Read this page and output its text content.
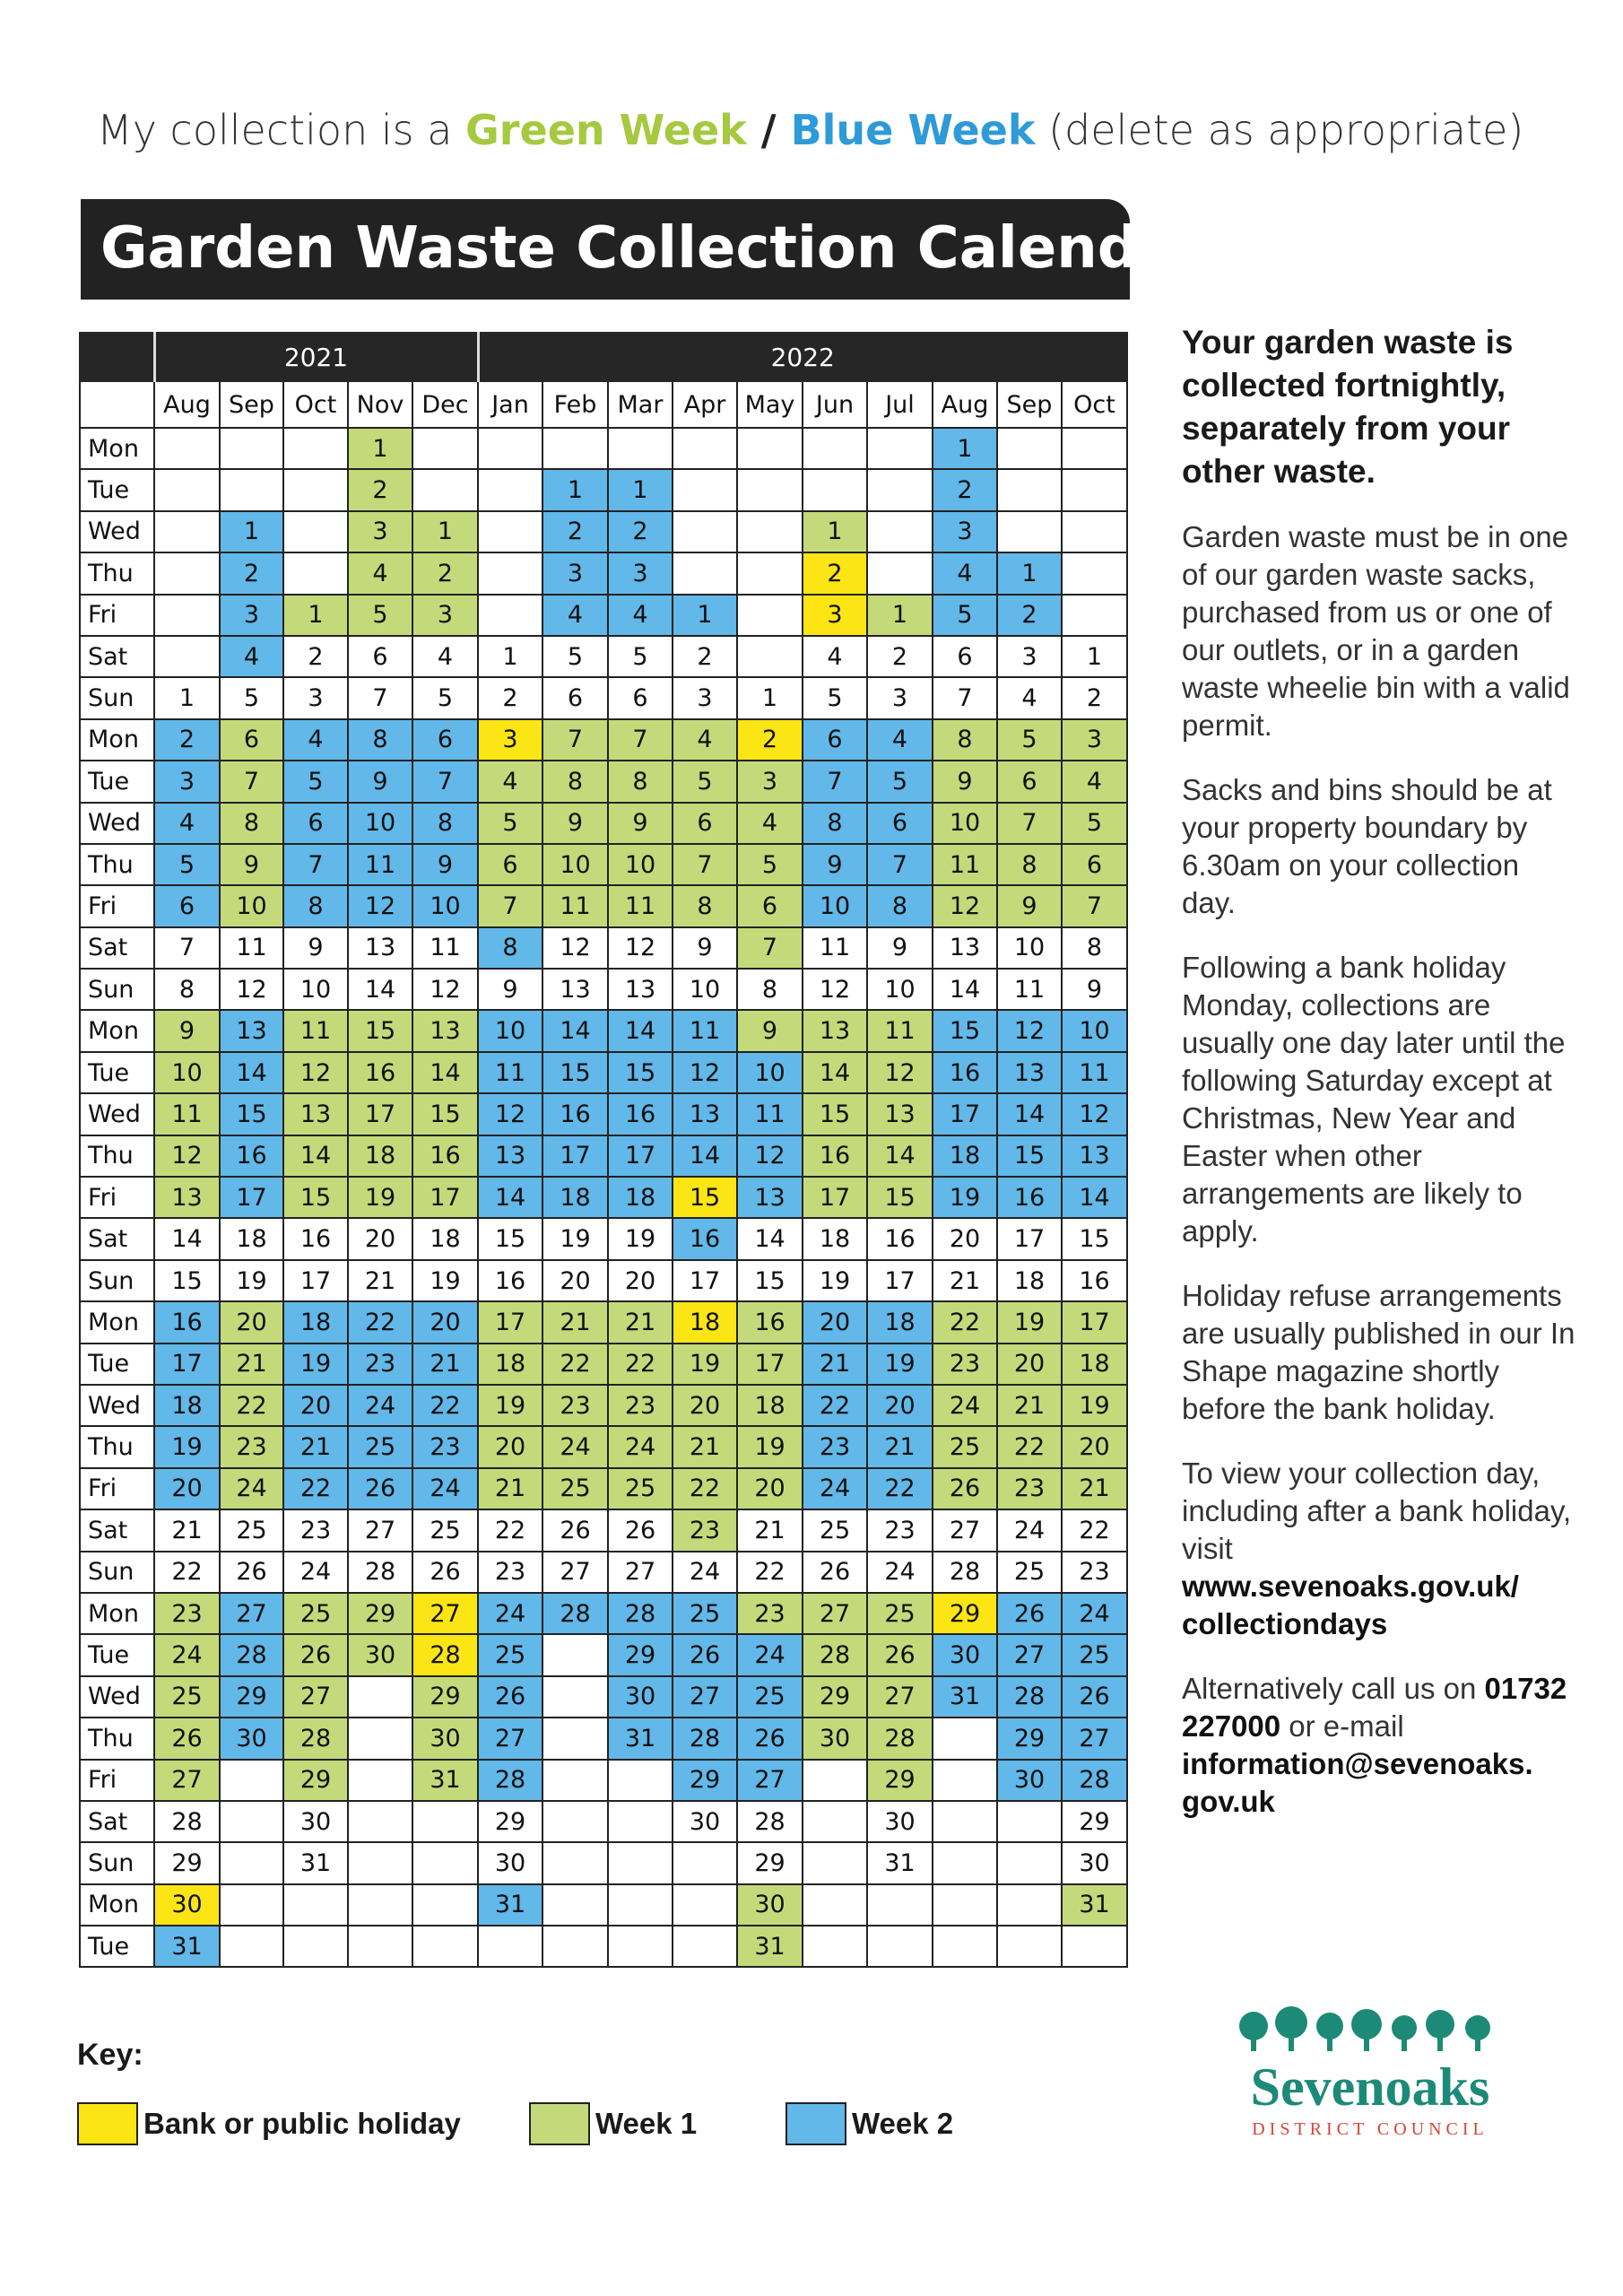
My collection is a Green Week / Blue Week (delete as appropriate)
Garden Waste Collection Calendar
	2021					2022									
	Aug	Sep	Oct	Nov	Dec	Jan	Feb	Mar	Apr	May	Jun	Jul	Aug	Sep	Oct
Mon				1									1		
Tue				2			1	1					2		
Wed		1		3	1		2	2			1		3		
Thu		2		4	2		3	3			2		4	1	
Fri		3	1	5	3		4	4	1		3	1	5	2	
Sat		4	2	6	4	1	5	5	2		4	2	6	3	1
Sun	1	5	3	7	5	2	6	6	3	1	5	3	7	4	2
Mon	2	6	4	8	6	3	7	7	4	2	6	4	8	5	3
Tue	3	7	5	9	7	4	8	8	5	3	7	5	9	6	4
Wed	4	8	6	10	8	5	9	9	6	4	8	6	10	7	5
Thu	5	9	7	11	9	6	10	10	7	5	9	7	11	8	6
Fri	6	10	8	12	10	7	11	11	8	6	10	8	12	9	7
Sat	7	11	9	13	11	8	12	12	9	7	11	9	13	10	8
Sun	8	12	10	14	12	9	13	13	10	8	12	10	14	11	9
Mon	9	13	11	15	13	10	14	14	11	9	13	11	15	12	10
Tue	10	14	12	16	14	11	15	15	12	10	14	12	16	13	11
Wed	11	15	13	17	15	12	16	16	13	11	15	13	17	14	12
Thu	12	16	14	18	16	13	17	17	14	12	16	14	18	15	13
Fri	13	17	15	19	17	14	18	18	15	13	17	15	19	16	14
Sat	14	18	16	20	18	15	19	19	16	14	18	16	20	17	15
Sun	15	19	17	21	19	16	20	20	17	15	19	17	21	18	16
Mon	16	20	18	22	20	17	21	21	18	16	20	18	22	19	17
Tue	17	21	19	23	21	18	22	22	19	17	21	19	23	20	18
Wed	18	22	20	24	22	19	23	23	20	18	22	20	24	21	19
Thu	19	23	21	25	23	20	24	24	21	19	23	21	25	22	20
Fri	20	24	22	26	24	21	25	25	22	20	24	22	26	23	21
Sat	21	25	23	27	25	22	26	26	23	21	25	23	27	24	22
Sun	22	26	24	28	26	23	27	27	24	22	26	24	28	25	23
Mon	23	27	25	29	27	24	28	28	25	23	27	25	29	26	24
Tue	24	28	26	30	28	25		29	26	24	28	26	30	27	25
Wed	25	29	27		29	26		30	27	25	29	27	31	28	26
Thu	26	30	28		30	27		31	28	26	30	28		29	27
Fri	27		29		31	28			29	27		29		30	28
Sat	28		30			29			30	28		30			29
Sun	29		31			30				29		31			30
Mon	30					31				30					31
Tue	31									31					
Your garden waste is collected fortnightly, separately from your other waste.
Garden waste must be in one of our garden waste sacks, purchased from us or one of our outlets, or in a garden waste wheelie bin with a valid permit.
Sacks and bins should be at your property boundary by 6.30am on your collection day.
Following a bank holiday Monday, collections are usually one day later until the following Saturday except at Christmas, New Year and Easter when other arrangements are likely to apply.
Holiday refuse arrangements are usually published in our In Shape magazine shortly before the bank holiday.
To view your collection day, including after a bank holiday, visit www.sevenoaks.gov.uk/ collectiondays
Alternatively call us on 01732 227000 or e-mail information@sevenoaks. gov.uk
Key:
Bank or public holiday	Week 1	Week 2
Sevenoaks
DISTRICT COUNCIL
